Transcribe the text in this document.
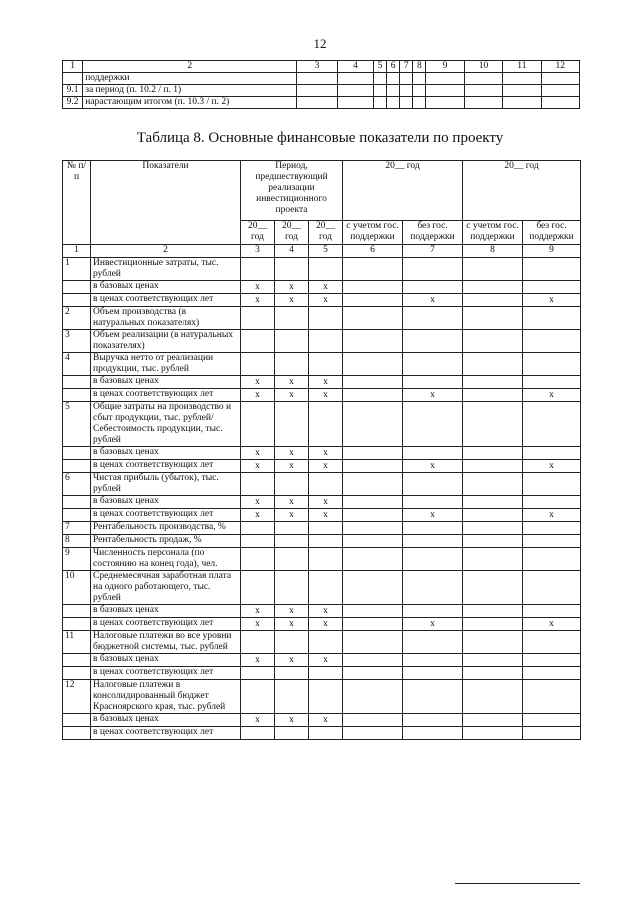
12
1	2	3	4	5	6	7	8	9	10	11	12
	поддержки										
9.1	за период (п. 10.2 / п. 1)										
9.2	нарастающим итогом (п. 10.3 / п. 2)										
Таблица 8. Основные финансовые показатели по проекту
№ п/п	Показатели	Период, предшествующий реализации инвестиционного проекта			20__ год		20__ год	
		20__ год	20__ год	20__ год	с учетом гос. поддержки	без гос. поддержки	с учетом гос. поддержки	без гос. поддержки
1	2	3	4	5	6	7	8	9
1	Инвестиционные затраты, тыс. рублей							
	в базовых ценах	х	х	х				
	в ценах соответствующих лет	х	х	х		х		х
2	Объем производства (в натуральных показателях)							
3	Объем реализации (в натуральных показателях)							
4	Выручка нетто от реализации продукции, тыс. рублей							
	в базовых ценах	х	х	х				
	в ценах соответствующих лет	х	х	х		х		х
5	Общие затраты на производство и сбыт продукции, тыс. рублей/Себестоимость продукции, тыс. рублей							
	в базовых ценах	х	х	х				
	в ценах соответствующих лет	х	х	х		х		х
6	Чистая прибыль (убыток), тыс. рублей							
	в базовых ценах	х	х	х				
	в ценах соответствующих лет	х	х	х		х		х
7	Рентабельность производства, %							
8	Рентабельность продаж, %							
9	Численность персонала (по состоянию на конец года), чел.							
10	Среднемесячная заработная плата на одного работающего, тыс. рублей							
	в базовых ценах	х	х	х				
	в ценах соответствующих лет	х	х	х		х		х
11	Налоговые платежи во все уровни бюджетной системы, тыс. рублей							
	в базовых ценах	х	х	х				
	в ценах соответствующих лет							
12	Налоговые платежи в консолидированный бюджет Красноярского края, тыс. рублей							
	в базовых ценах	х	х	х				
	в ценах соответствующих лет							
